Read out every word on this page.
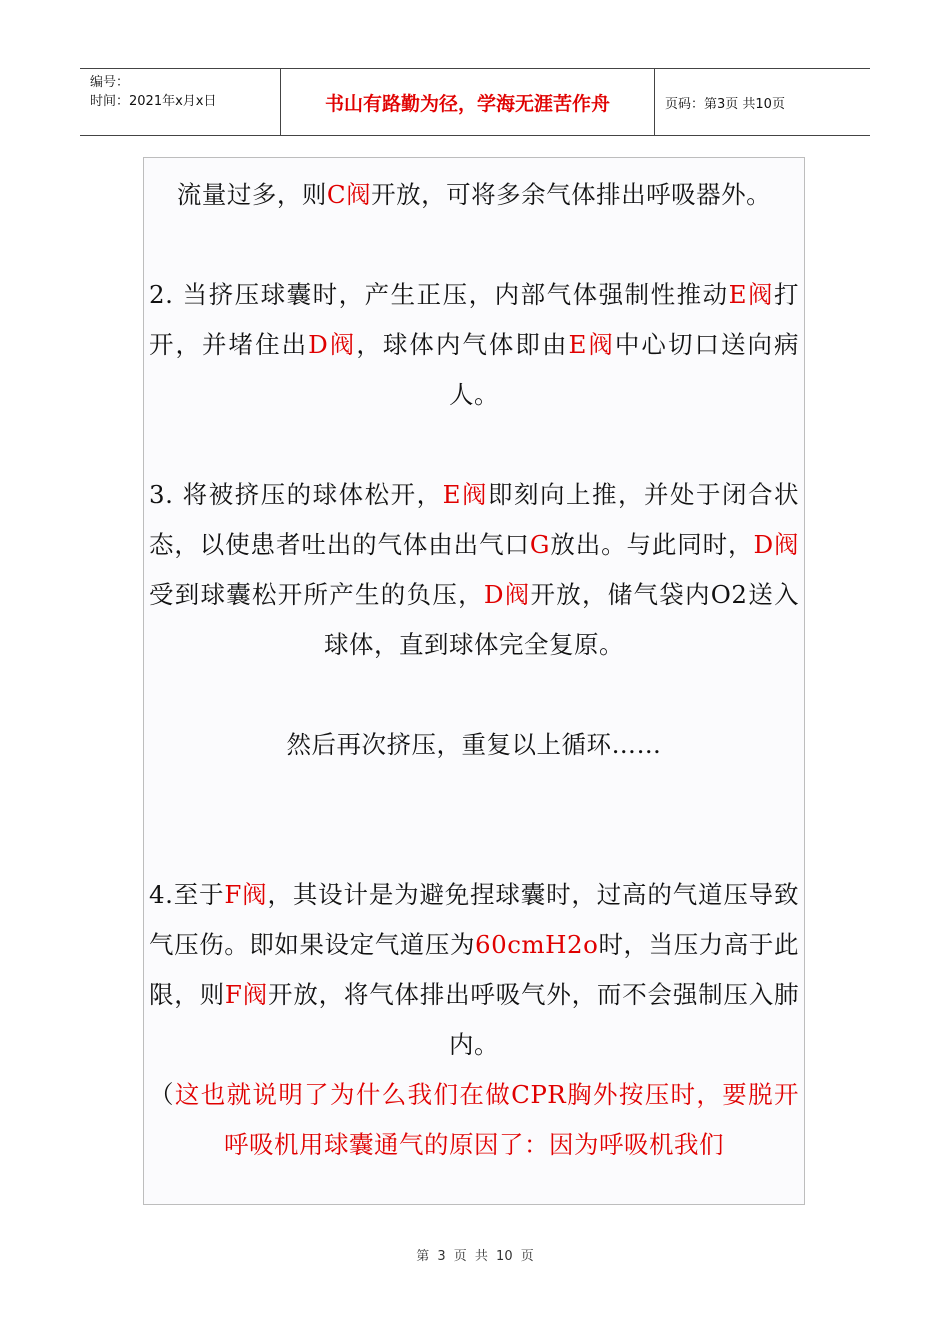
编号：
时间：2021年x月x日	书山有路勤为径，学海无涯苦作舟	页码：第3页 共10页

流量过多，则C阀开放，可将多余气体排出呼吸器外。

2. 当挤压球囊时，产生正压，内部气体强制性推动E阀打开，并堵住出D阀，球体内气体即由E阀中心切口送向病人。

3. 将被挤压的球体松开，E阀即刻向上推，并处于闭合状态，以使患者吐出的气体由出气口G放出。与此同时，D阀受到球囊松开所产生的负压，D阀开放，储气袋内O2送入球体，直到球体完全复原。

然后再次挤压，重复以上循环……

4.至于F阀，其设计是为避免捏球囊时，过高的气道压导致气压伤。即如果设定气道压为60cmH2o时，当压力高于此限，则F阀开放，将气体排出呼吸气外，而不会强制压入肺内。

（这也就说明了为什么我们在做CPR胸外按压时，要脱开呼吸机用球囊通气的原因了：因为呼吸机我们

第 3 页 共 10 页
